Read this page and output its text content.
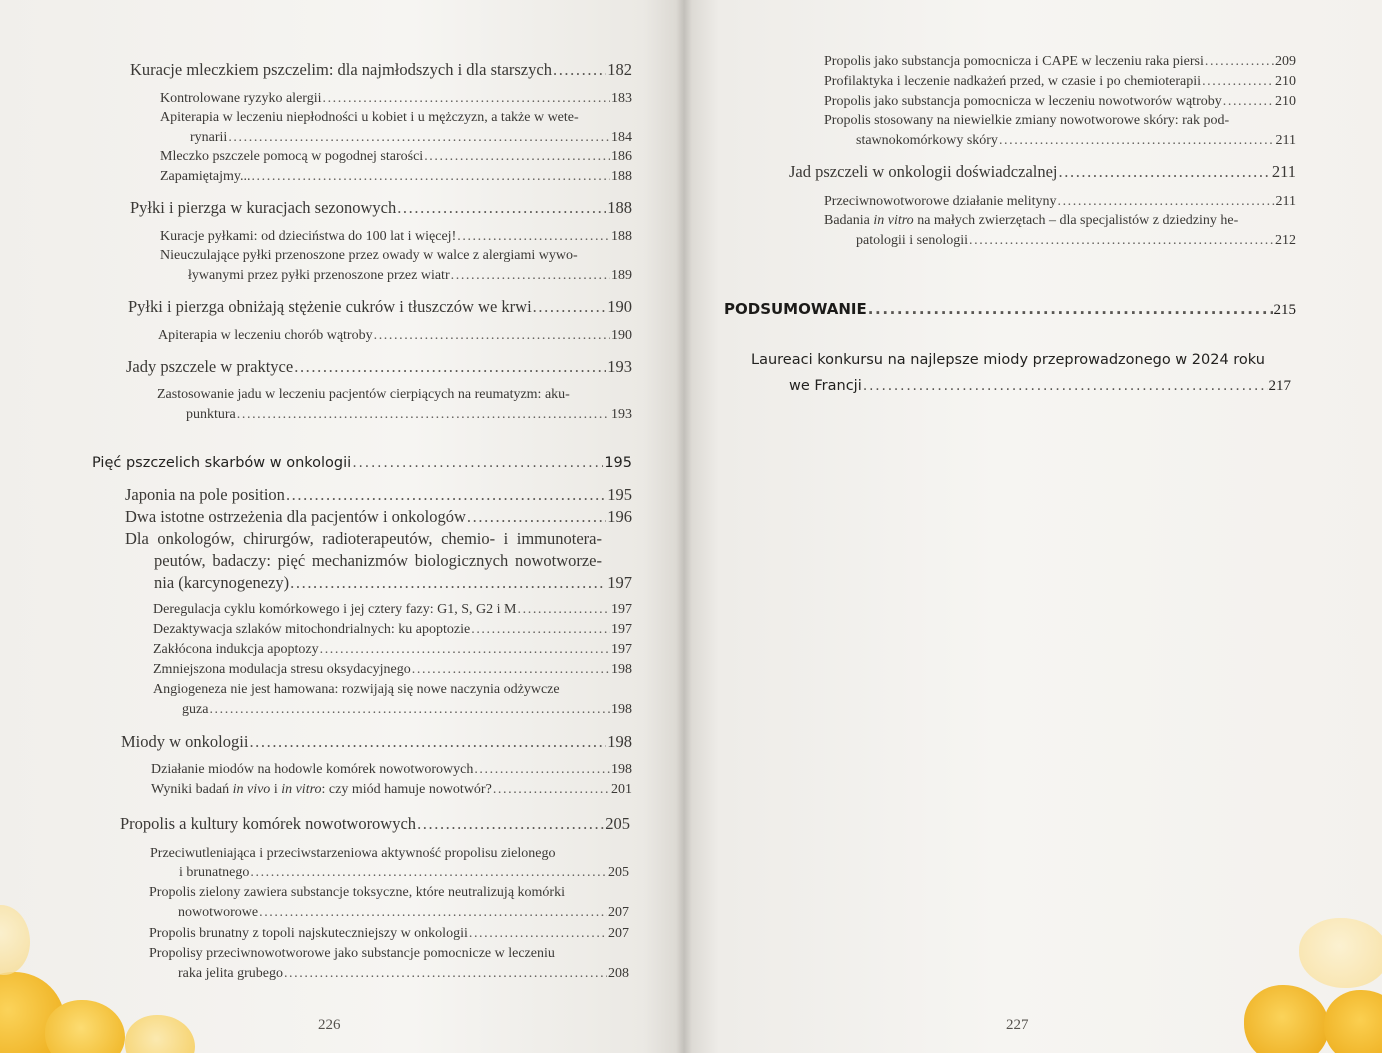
Kuracje mleczkiem pszczelim: dla najmłodszych i dla starszych .....	182
Kontrolowane ryzyko alergii .....	183
Apiterapia w leczeniu niepłodności u kobiet i u mężczyzn, a także w wete-
rynarii .....	184
Mleczko pszczele pomocą w pogodnej starości .....	186
Zapamiętajmy... .....	188
Pyłki i pierzga w kuracjach sezonowych .....	188
Kuracje pyłkami: od dzieciństwa do 100 lat i więcej! .....	188
Nieuczulające pyłki przenoszone przez owady w walce z alergiami wywo-
ływanymi przez pyłki przenoszone przez wiatr .....	189
Pyłki i pierzga obniżają stężenie cukrów i tłuszczów we krwi .....	190
Apiterapia w leczeniu chorób wątroby .....	190
Jady pszczele w praktyce .....	193
Zastosowanie jadu w leczeniu pacjentów cierpiących na reumatyzm: aku-
punktura .....	193
Pięć pszczelich skarbów w onkologii .....	195
Japonia na pole position .....	195
Dwa istotne ostrzeżenia dla pacjentów i onkologów .....	196
Dla onkologów, chirurgów, radioterapeutów, chemio- i immunotera-
peutów, badaczy: pięć mechanizmów biologicznych nowotworze-
nia (karcynogenezy) .....	197
Deregulacja cyklu komórkowego i jej cztery fazy: G1, S, G2 i M .....	197
Dezaktywacja szlaków mitochondrialnych: ku apoptozie .....	197
Zakłócona indukcja apoptozy .....	197
Zmniejszona modulacja stresu oksydacyjnego .....	198
Angiogeneza nie jest hamowana: rozwijają się nowe naczynia odżywcze
guza .....	198
Miody w onkologii .....	198
Działanie miodów na hodowle komórek nowotworowych .....	198
Wyniki badań in vivo i in vitro: czy miód hamuje nowotwór? .....	201
Propolis a kultury komórek nowotworowych .....	205
Przeciwutleniająca i przeciwstarzeniowa aktywność propolisu zielonego
i brunatnego .....	205
Propolis zielony zawiera substancje toksyczne, które neutralizują komórki
nowotworowe .....	207
Propolis brunatny z topoli najskuteczniejszy w onkologii .....	207
Propolisy przeciwnowotworowe jako substancje pomocnicze w leczeniu
raka jelita grubego .....	208
226
Propolis jako substancja pomocnicza i CAPE w leczeniu raka piersi .....	209
Profilaktyka i leczenie nadkażeń przed, w czasie i po chemioterapii .....	210
Propolis jako substancja pomocnicza w leczeniu nowotworów wątroby .....	210
Propolis stosowany na niewielkie zmiany nowotworowe skóry: rak pod-
stawnokomórkowy skóry .....	211
Jad pszczeli w onkologii doświadczalnej .....	211
Przeciwnowotworowe działanie melityny .....	211
Badania in vitro na małych zwierzętach – dla specjalistów z dziedziny he-
patologii i senologii .....	212
PODSUMOWANIE .....	215
Laureaci konkursu na najlepsze miody przeprowadzonego w 2024 roku
we Francji .....	217
227
